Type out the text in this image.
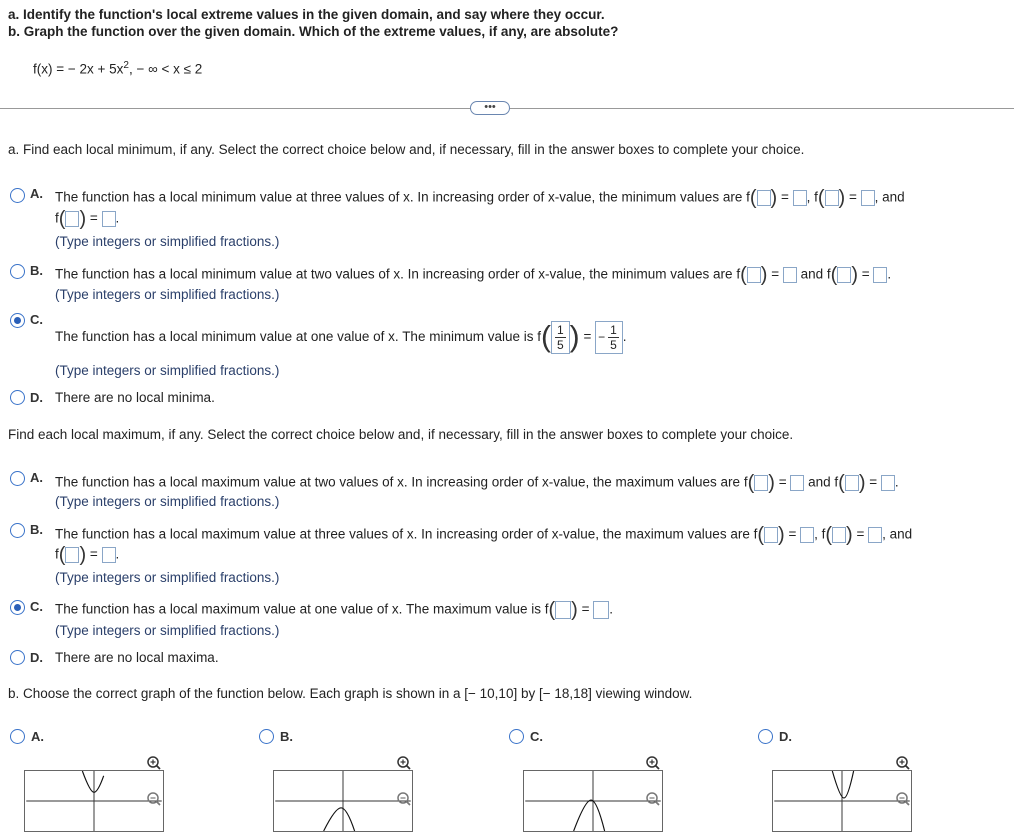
a. Identify the function's local extreme values in the given domain, and say where they occur.
b. Graph the function over the given domain. Which of the extreme values, if any, are absolute?
f(x) = − $2x + 5x^2$, − ∞ < x ≤ 2
•••
a. Find each local minimum, if any. Select the correct choice below and, if necessary, fill in the answer boxes to complete your choice.
A. The function has a local minimum value at three values of x. In increasing order of x-value, the minimum values are f( ) = , f( ) = , and
f( ) = .
(Type integers or simplified fractions.)
B. The function has a local minimum value at two values of x. In increasing order of x-value, the minimum values are f( ) = and f( ) = .
(Type integers or simplified fractions.)
C.
The function has a local minimum value at one value of x. The minimum value is $f( \frac{1}{5}$ ) = − $\frac{1}{5}$ .
(Type integers or simplified fractions.)
D. There are no local minima.
Find each local maximum, if any. Select the correct choice below and, if necessary, fill in the answer boxes to complete your choice.
A. The function has a local maximum value at two values of x. In increasing order of x-value, the maximum values are f( ) = and f( ) = .
(Type integers or simplified fractions.)
B. The function has a local maximum value at three values of x. In increasing order of x-value, the maximum values are f( ) = , f( ) = , and
f( ) = .
(Type integers or simplified fractions.)
C. The function has a local maximum value at one value of x. The maximum value is f( ) = .
(Type integers or simplified fractions.)
D. There are no local maxima.
b. Choose the correct graph of the function below. Each graph is shown in a [− 10,10] by [− 18,18] viewing window.
A.	B.	C.	D.
